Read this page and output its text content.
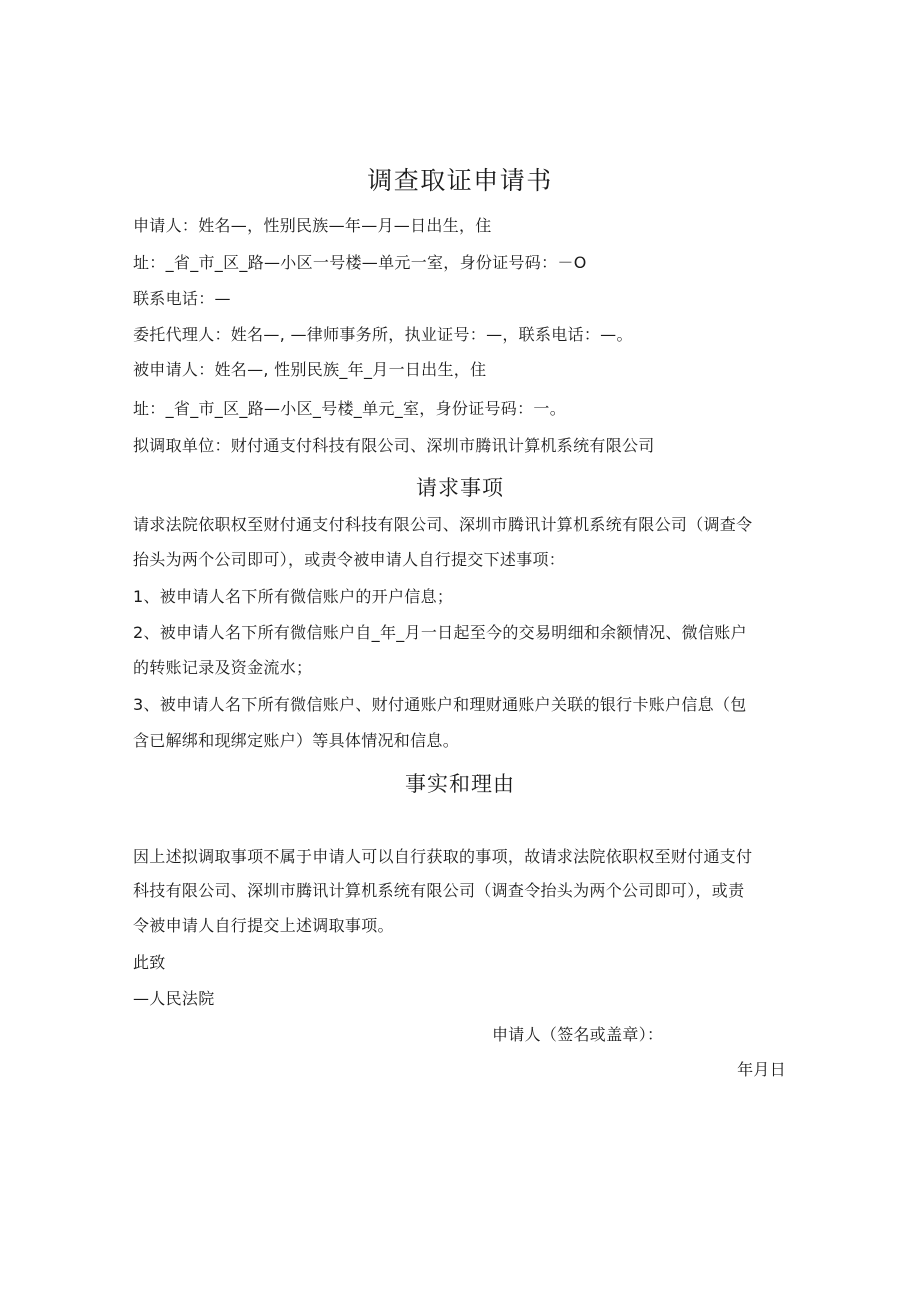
调查取证申请书
申请人：姓名—，性别民族—年—月—日出生，住
址：_省_市_区_路—小区一号楼—单元一室，身份证号码：－O
联系电话：—
委托代理人：姓名—, —律师事务所，执业证号：—，联系电话：—。
被申请人：姓名—, 性别民族_年_月一日出生，住
址：_省_市_区_路—小区_号楼_单元_室，身份证号码：一。
拟调取单位：财付通支付科技有限公司、深圳市腾讯计算机系统有限公司
请求事项
请求法院依职权至财付通支付科技有限公司、深圳市腾讯计算机系统有限公司（调查令
抬头为两个公司即可），或责令被申请人自行提交下述事项：
1、被申请人名下所有微信账户的开户信息；
2、被申请人名下所有微信账户自_年_月一日起至今的交易明细和余额情况、微信账户
的转账记录及资金流水；
3、被申请人名下所有微信账户、财付通账户和理财通账户关联的银行卡账户信息（包
含已解绑和现绑定账户）等具体情况和信息。
事实和理由
因上述拟调取事项不属于申请人可以自行获取的事项，故请求法院依职权至财付通支付
科技有限公司、深圳市腾讯计算机系统有限公司（调查令抬头为两个公司即可），或责
令被申请人自行提交上述调取事项。
此致
—人民法院
申请人（签名或盖章）：
年月日
